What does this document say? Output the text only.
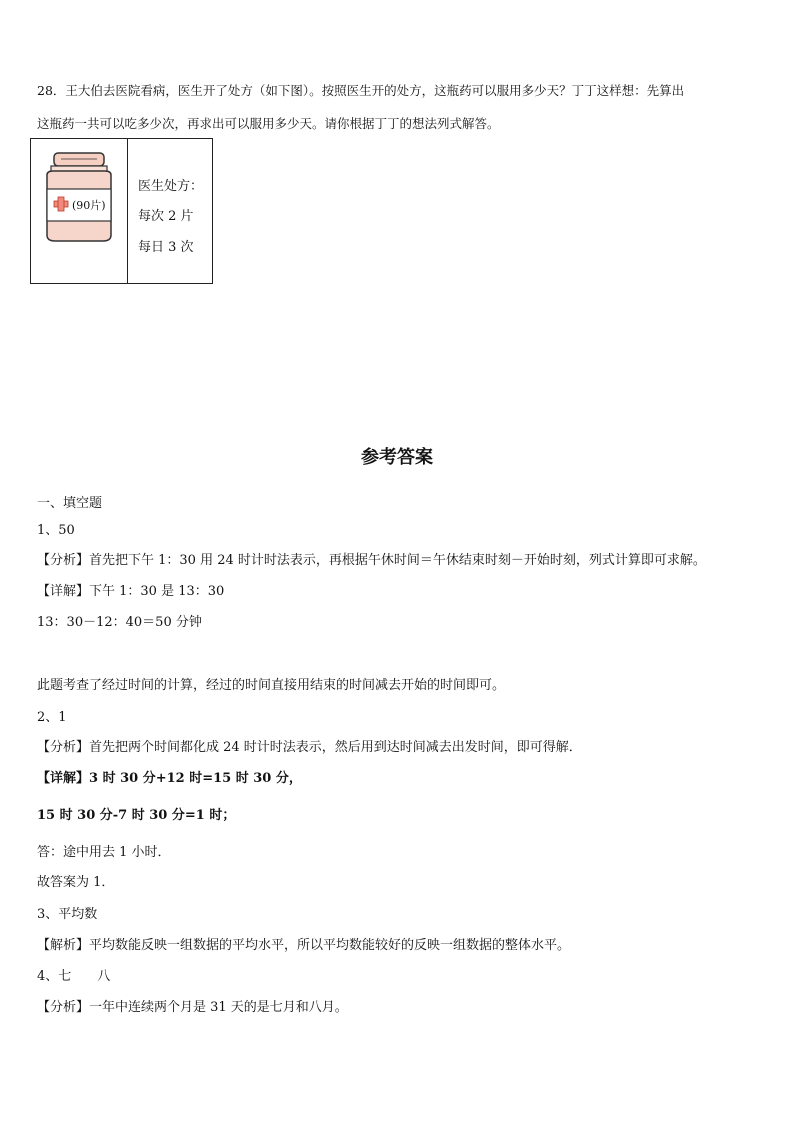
28．王大伯去医院看病，医生开了处方（如下图）。按照医生开的处方，这瓶药可以服用多少天？丁丁这样想：先算出
这瓶药一共可以吃多少次，再求出可以服用多少天。请你根据丁丁的想法列式解答。
(90片)
医生处方：
每次 2 片
每日 3 次
参考答案
一、填空题
1、50
【分析】首先把下午 1：30 用 24 时计时法表示，再根据午休时间＝午休结束时刻－开始时刻，列式计算即可求解。
【详解】下午 1：30 是 13：30
13：30－12：40＝50 分钟
此题考查了经过时间的计算，经过的时间直接用结束的时间减去开始的时间即可。
2、1
【分析】首先把两个时间都化成 24 时计时法表示，然后用到达时间减去出发时间，即可得解．
【详解】3 时 30 分+12 时=15 时 30 分，
15 时 30 分-7 时 30 分=1 时；
答：途中用去 1 小时．
故答案为 1．
3、平均数
【解析】平均数能反映一组数据的平均水平，所以平均数能较好的反映一组数据的整体水平。
4、七　　八
【分析】一年中连续两个月是 31 天的是七月和八月。
